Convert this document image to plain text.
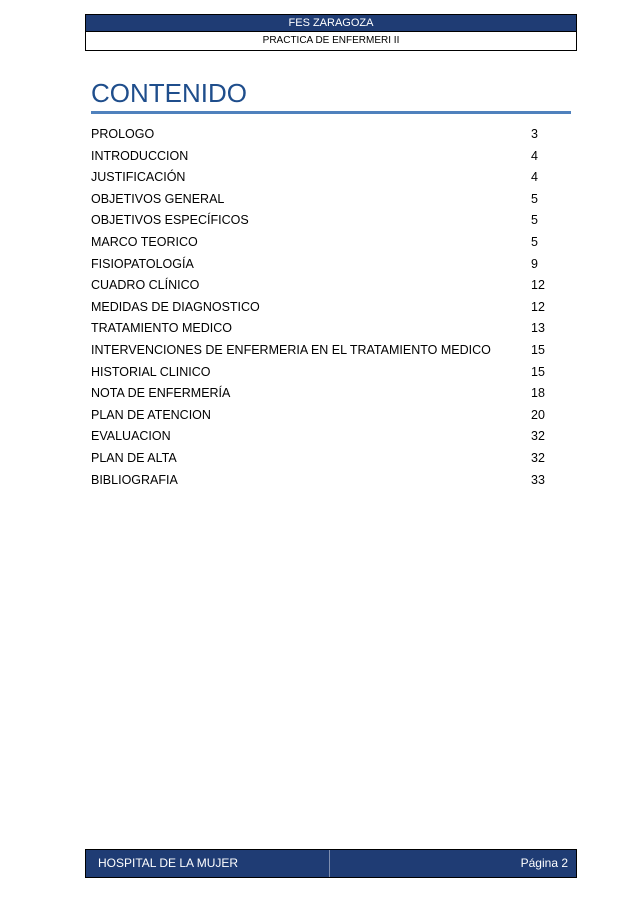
FES ZARAGOZA
PRACTICA DE ENFERMERI II
CONTENIDO
PROLOGO	3
INTRODUCCION	4
JUSTIFICACIÓN	4
OBJETIVOS GENERAL	5
OBJETIVOS ESPECÍFICOS	5
MARCO TEORICO	5
FISIOPATOLOGÍA	9
CUADRO CLÍNICO	12
MEDIDAS DE DIAGNOSTICO	12
TRATAMIENTO MEDICO	13
INTERVENCIONES DE ENFERMERIA EN EL TRATAMIENTO MEDICO	15
HISTORIAL CLINICO	15
NOTA DE ENFERMERÍA	18
PLAN DE ATENCION	20
EVALUACION	32
PLAN DE ALTA	32
BIBLIOGRAFIA	33
HOSPITAL DE LA MUJER	Página 2
